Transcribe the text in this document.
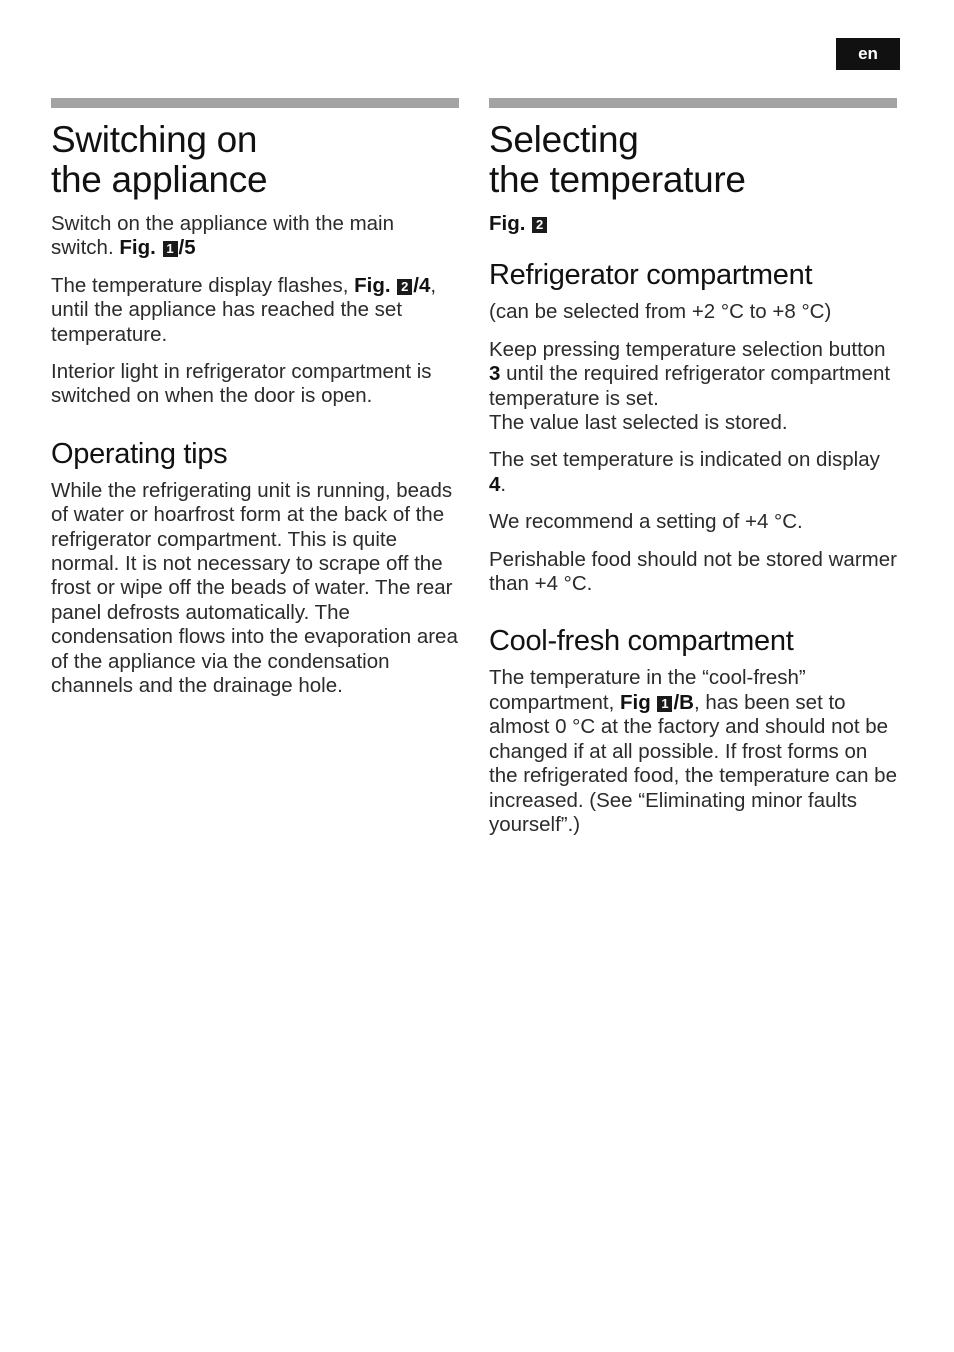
en
Switching on
the appliance

Switch on the appliance with the main switch. Fig. 1 /5

The temperature display flashes, Fig. 2 /4, until the appliance has reached the set temperature.

Interior light in refrigerator compartment is switched on when the door is open.

Operating tips

While the refrigerating unit is running, beads of water or hoarfrost form at the back of the refrigerator compartment. This is quite normal. It is not necessary to scrape off the frost or wipe off the beads of water. The rear panel defrosts automatically. The condensation flows into the evaporation area of the appliance via the condensation channels and the drainage hole.

Selecting
the temperature

Fig. 2

Refrigerator compartment

(can be selected from +2 °C to +8 °C)

Keep pressing temperature selection button 3 until the required refrigerator compartment temperature is set.

The value last selected is stored.

The set temperature is indicated on display 4.

We recommend a setting of +4 °C.

Perishable food should not be stored warmer than +4 °C.

Cool-fresh compartment

The temperature in the “cool-fresh” compartment, Fig 1 /B, has been set to almost 0 °C at the factory and should not be changed if at all possible. If frost forms on the refrigerated food, the temperature can be increased. (See “Eliminating minor faults yourself”.)
